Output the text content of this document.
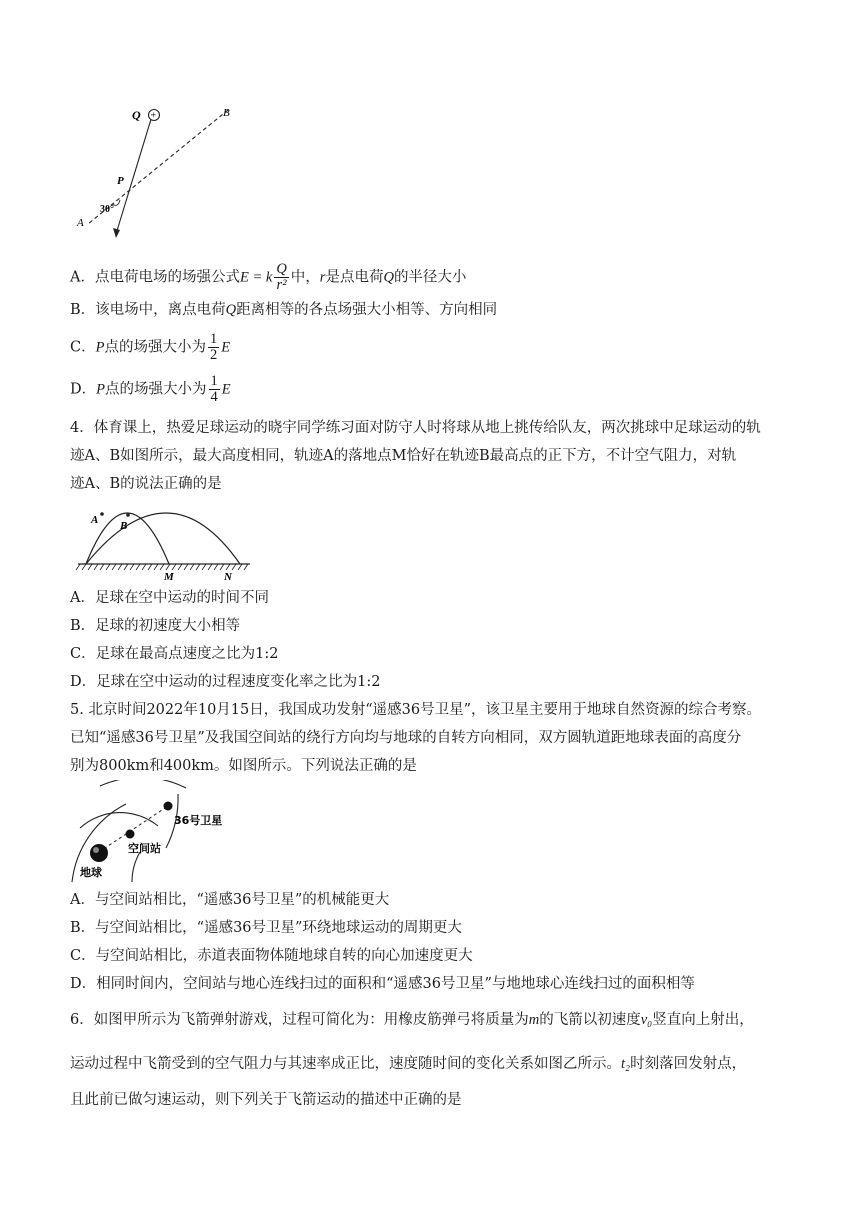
+
Q	B
P
A
30°
A．点电荷电场的场强公式E = k $\frac{Q}{\text{r²}}$ 中，r是点电荷Q的半径大小
B．该电场中，离点电荷Q距离相等的各点场强大小相等、方向相同
C．P点的场强大小为 $\frac{1}{2}$ E
D．P点的场强大小为 $\frac{1}{4}$ E
4．体育课上，热爱足球运动的晓宇同学练习面对防守人时将球从地上挑传给队友，两次挑球中足球运动的轨
迹A、B如图所示，最大高度相同，轨迹A的落地点M恰好在轨迹B最高点的正下方，不计空气阻力，对轨
迹A、B的说法正确的是
A B
M	N
A．足球在空中运动的时间不同
B．足球的初速度大小相等
C．足球在最高点速度之比为1:2
D．足球在空中运动的过程速度变化率之比为1:2
5. 北京时间2022年10月15日，我国成功发射“遥感36号卫星”，该卫星主要用于地球自然资源的综合考察。
已知“遥感36号卫星”及我国空间站的绕行方向均与地球的自转方向相同，双方圆轨道距地球表面的高度分
别为800km和400km。如图所示。下列说法正确的是
36号卫星
空间站
地球
A．与空间站相比，“遥感36号卫星”的机械能更大
B．与空间站相比，“遥感36号卫星”环绕地球运动的周期更大
C．与空间站相比，赤道表面物体随地球自转的向心加速度更大
D．相同时间内，空间站与地心连线扫过的面积和“遥感36号卫星”与地地球心连线扫过的面积相等
6．如图甲所示为飞箭弹射游戏，过程可简化为：用橡皮筋弹弓将质量为m的飞箭以初速度v₀竖直向上射出，
运动过程中飞箭受到的空气阻力与其速率成正比，速度随时间的变化关系如图乙所示。t₂时刻落回发射点，
且此前已做匀速运动，则下列关于飞箭运动的描述中正确的是
